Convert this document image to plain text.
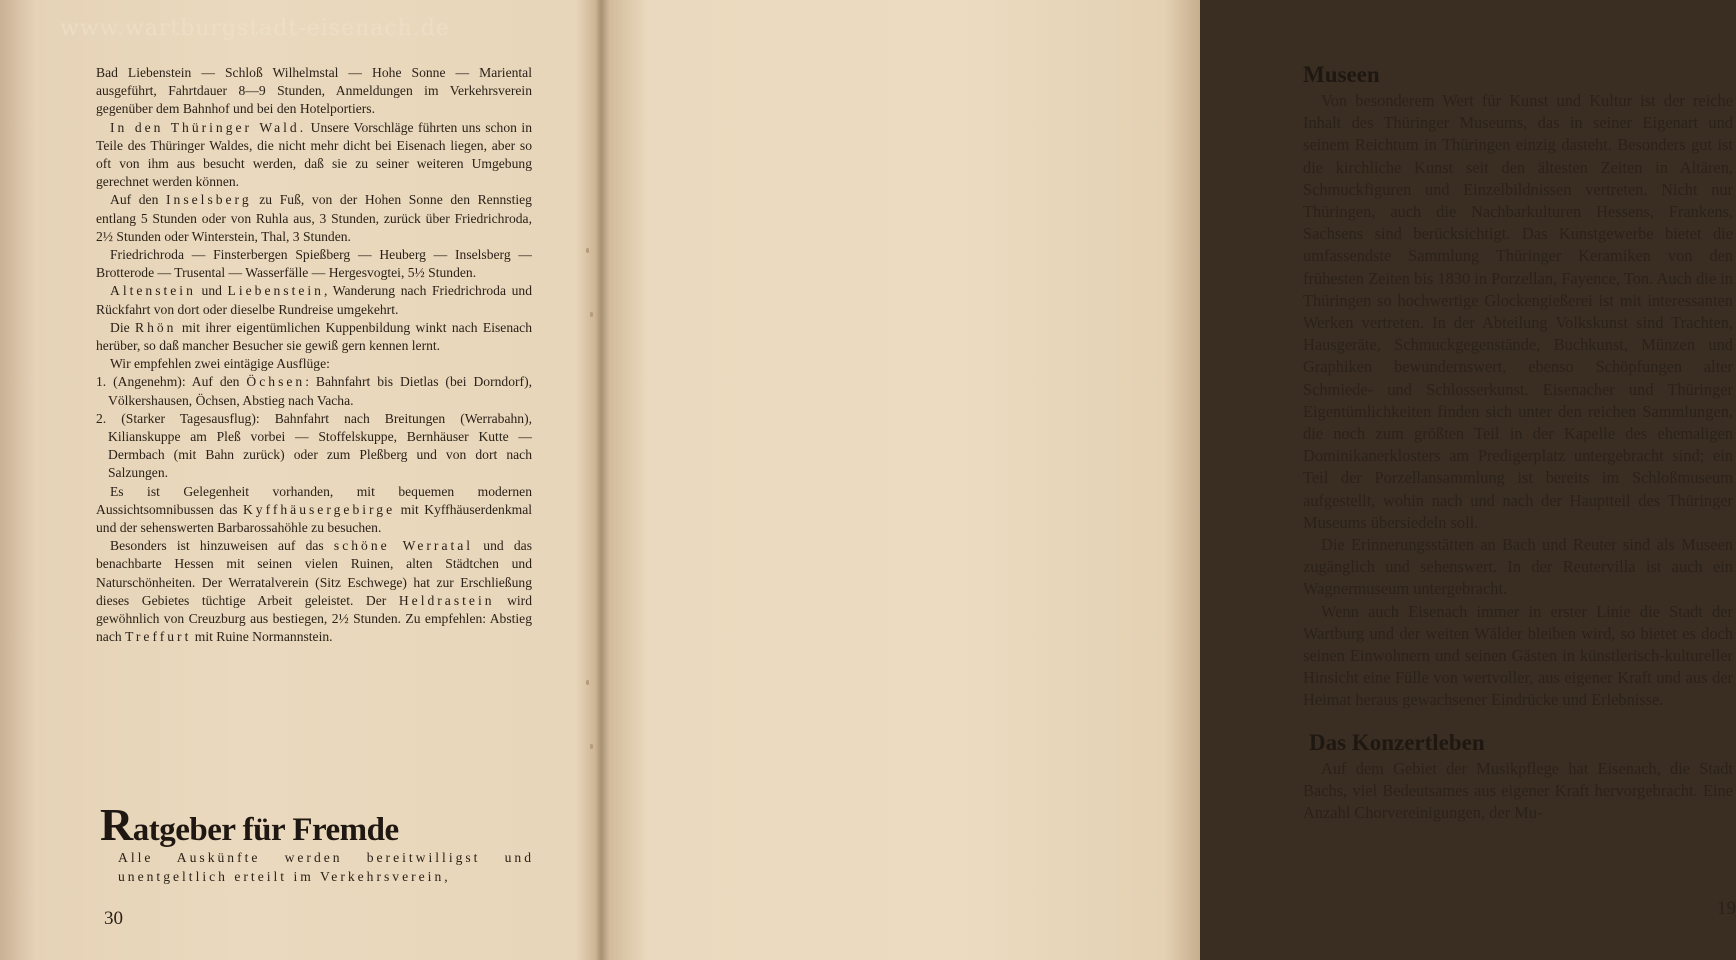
www.wartburgstadt-eisenach.de

Bad Liebenstein — Schloß Wilhelmstal — Hohe Sonne — Mariental ausgeführt, Fahrtdauer 8—9 Stunden, Anmeldungen im Verkehrsverein gegenüber dem Bahnhof und bei den Hotelportiers.

In den Thüringer Wald. Unsere Vorschläge führten uns schon in Teile des Thüringer Waldes, die nicht mehr dicht bei Eisenach liegen, aber so oft von ihm aus besucht werden, daß sie zu seiner weiteren Umgebung gerechnet werden können.

Auf den Inselsberg zu Fuß, von der Hohen Sonne den Rennstieg entlang 5 Stunden oder von Ruhla aus, 3 Stunden, zurück über Friedrichroda, 2½ Stunden oder Winterstein, Thal, 3 Stunden.

Friedrichroda — Finsterbergen Spießberg — Heuberg — Inselsberg — Brotterode — Trusental — Wasserfälle — Hergesvogtei, 5½ Stunden.

Altenstein und Liebenstein, Wanderung nach Friedrichroda und Rückfahrt von dort oder dieselbe Rundreise umgekehrt.

Die Rhön mit ihrer eigentümlichen Kuppenbildung winkt nach Eisenach herüber, so daß mancher Besucher sie gewiß gern kennen lernt.

Wir empfehlen zwei eintägige Ausflüge:

1. (Angenehm): Auf den Öchsen: Bahnfahrt bis Dietlas (bei Dorndorf), Völkershausen, Öchsen, Abstieg nach Vacha.

2. (Starker Tagesausflug): Bahnfahrt nach Breitungen (Werrabahn), Kilianskuppe am Pleß vorbei — Stoffelskuppe, Bernhäuser Kutte — Dermbach (mit Bahn zurück) oder zum Pleßberg und von dort nach Salzungen.

Es ist Gelegenheit vorhanden, mit bequemen modernen Aussichtsomnibussen das Kyffhäusergebirge mit Kyffhäuserdenkmal und der sehenswerten Barbarossahöhle zu besuchen.

Besonders ist hinzuweisen auf das schöne Werratal und das benachbarte Hessen mit seinen vielen Ruinen, alten Städtchen und Naturschönheiten. Der Werratalverein (Sitz Eschwege) hat zur Erschließung dieses Gebietes tüchtige Arbeit geleistet. Der Heldrastein wird gewöhnlich von Creuzburg aus bestiegen, 2½ Stunden. Zu empfehlen: Abstieg nach Treffurt mit Ruine Normannstein.

Ratgeber für Fremde
Alle Auskünfte werden bereitwilligst und unentgeltlich erteilt im Verkehrsverein,
30
Museen

Von besonderem Wert für Kunst und Kultur ist der reiche Inhalt des Thüringer Museums, das in seiner Eigenart und seinem Reichtum in Thüringen einzig dasteht. Besonders gut ist die kirchliche Kunst seit den ältesten Zeiten in Altären, Schmuckfiguren und Einzelbildnissen vertreten. Nicht nur Thüringen, auch die Nachbarkulturen Hessens, Frankens, Sachsens sind berücksichtigt. Das Kunstgewerbe bietet die umfassendste Sammlung Thüringer Keramiken von den frühesten Zeiten bis 1830 in Porzellan, Fayence, Ton. Auch die in Thüringen so hochwertige Glockengießerei ist mit interessanten Werken vertreten. In der Abteilung Volkskunst sind Trachten, Hausgeräte, Schmuckgegenstände, Buchkunst, Münzen und Graphiken bewundernswert, ebenso Schöpfungen alter Schmiede- und Schlosserkunst. Eisenacher und Thüringer Eigentümlichkeiten finden sich unter den reichen Sammlungen, die noch zum größten Teil in der Kapelle des ehemaligen Dominikanerklosters am Predigerplatz untergebracht sind; ein Teil der Porzellansammlung ist bereits im Schloßmuseum aufgestellt, wohin nach und nach der Hauptteil des Thüringer Museums übersiedeln soll.

Die Erinnerungsstätten an Bach und Reuter sind als Museen zugänglich und sehenswert. In der Reutervilla ist auch ein Wagnermuseum untergebracht.

Wenn auch Eisenach immer in erster Linie die Stadt der Wartburg und der weiten Wälder bleiben wird, so bietet es doch seinen Einwohnern und seinen Gästen in künstlerisch-kultureller Hinsicht eine Fülle von wertvoller, aus eigener Kraft und aus der Heimat heraus gewachsener Eindrücke und Erlebnisse.

Das Konzertleben

Auf dem Gebiet der Musikpflege hat Eisenach, die Stadt Bachs, viel Bedeutsames aus eigener Kraft hervorgebracht. Eine Anzahl Chorvereinigungen, der Mu-

19
